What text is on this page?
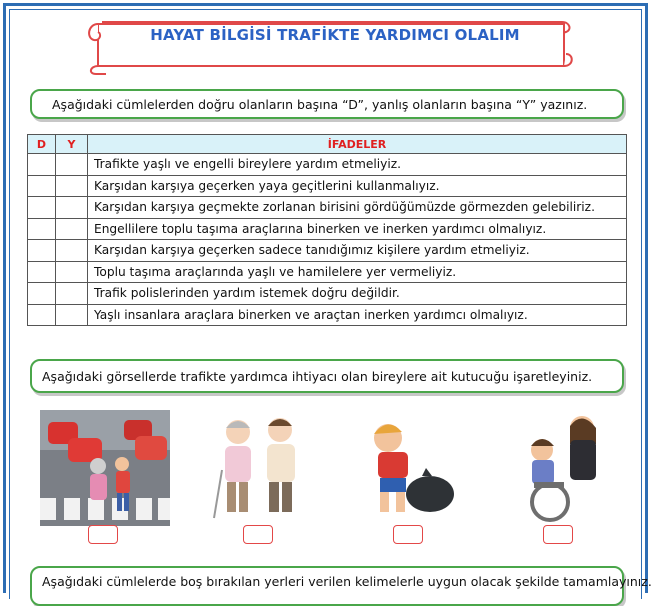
HAYAT BİLGİSİ TRAFİKTE YARDIMCI OLALIM
Aşağıdaki cümlelerden doğru olanların başına “D”, yanlış olanların başına “Y” yazınız.
D	Y	İFADELER
		Trafikte yaşlı ve engelli bireylere yardım etmeliyiz.
		Karşıdan karşıya geçerken yaya geçitlerini kullanmalıyız.
		Karşıdan karşıya geçmekte zorlanan birisini gördüğümüzde görmezden gelebiliriz.
		Engellilere toplu taşıma araçlarına binerken ve inerken yardımcı olmalıyız.
		Karşıdan karşıya geçerken sadece tanıdığımız kişilere yardım etmeliyiz.
		Toplu taşıma araçlarında yaşlı ve hamilelere yer vermeliyiz.
		Trafik polislerinden yardım istemek doğru değildir.
		Yaşlı insanlara araçlara binerken ve araçtan inerken yardımcı olmalıyız.
Aşağıdaki görsellerde trafikte yardımca ihtiyacı olan bireylere ait kutucuğu işaretleyiniz.
Aşağıdaki cümlelerde boş bırakılan yerleri verilen kelimelerle uygun olacak şekilde tamamlayınız.
